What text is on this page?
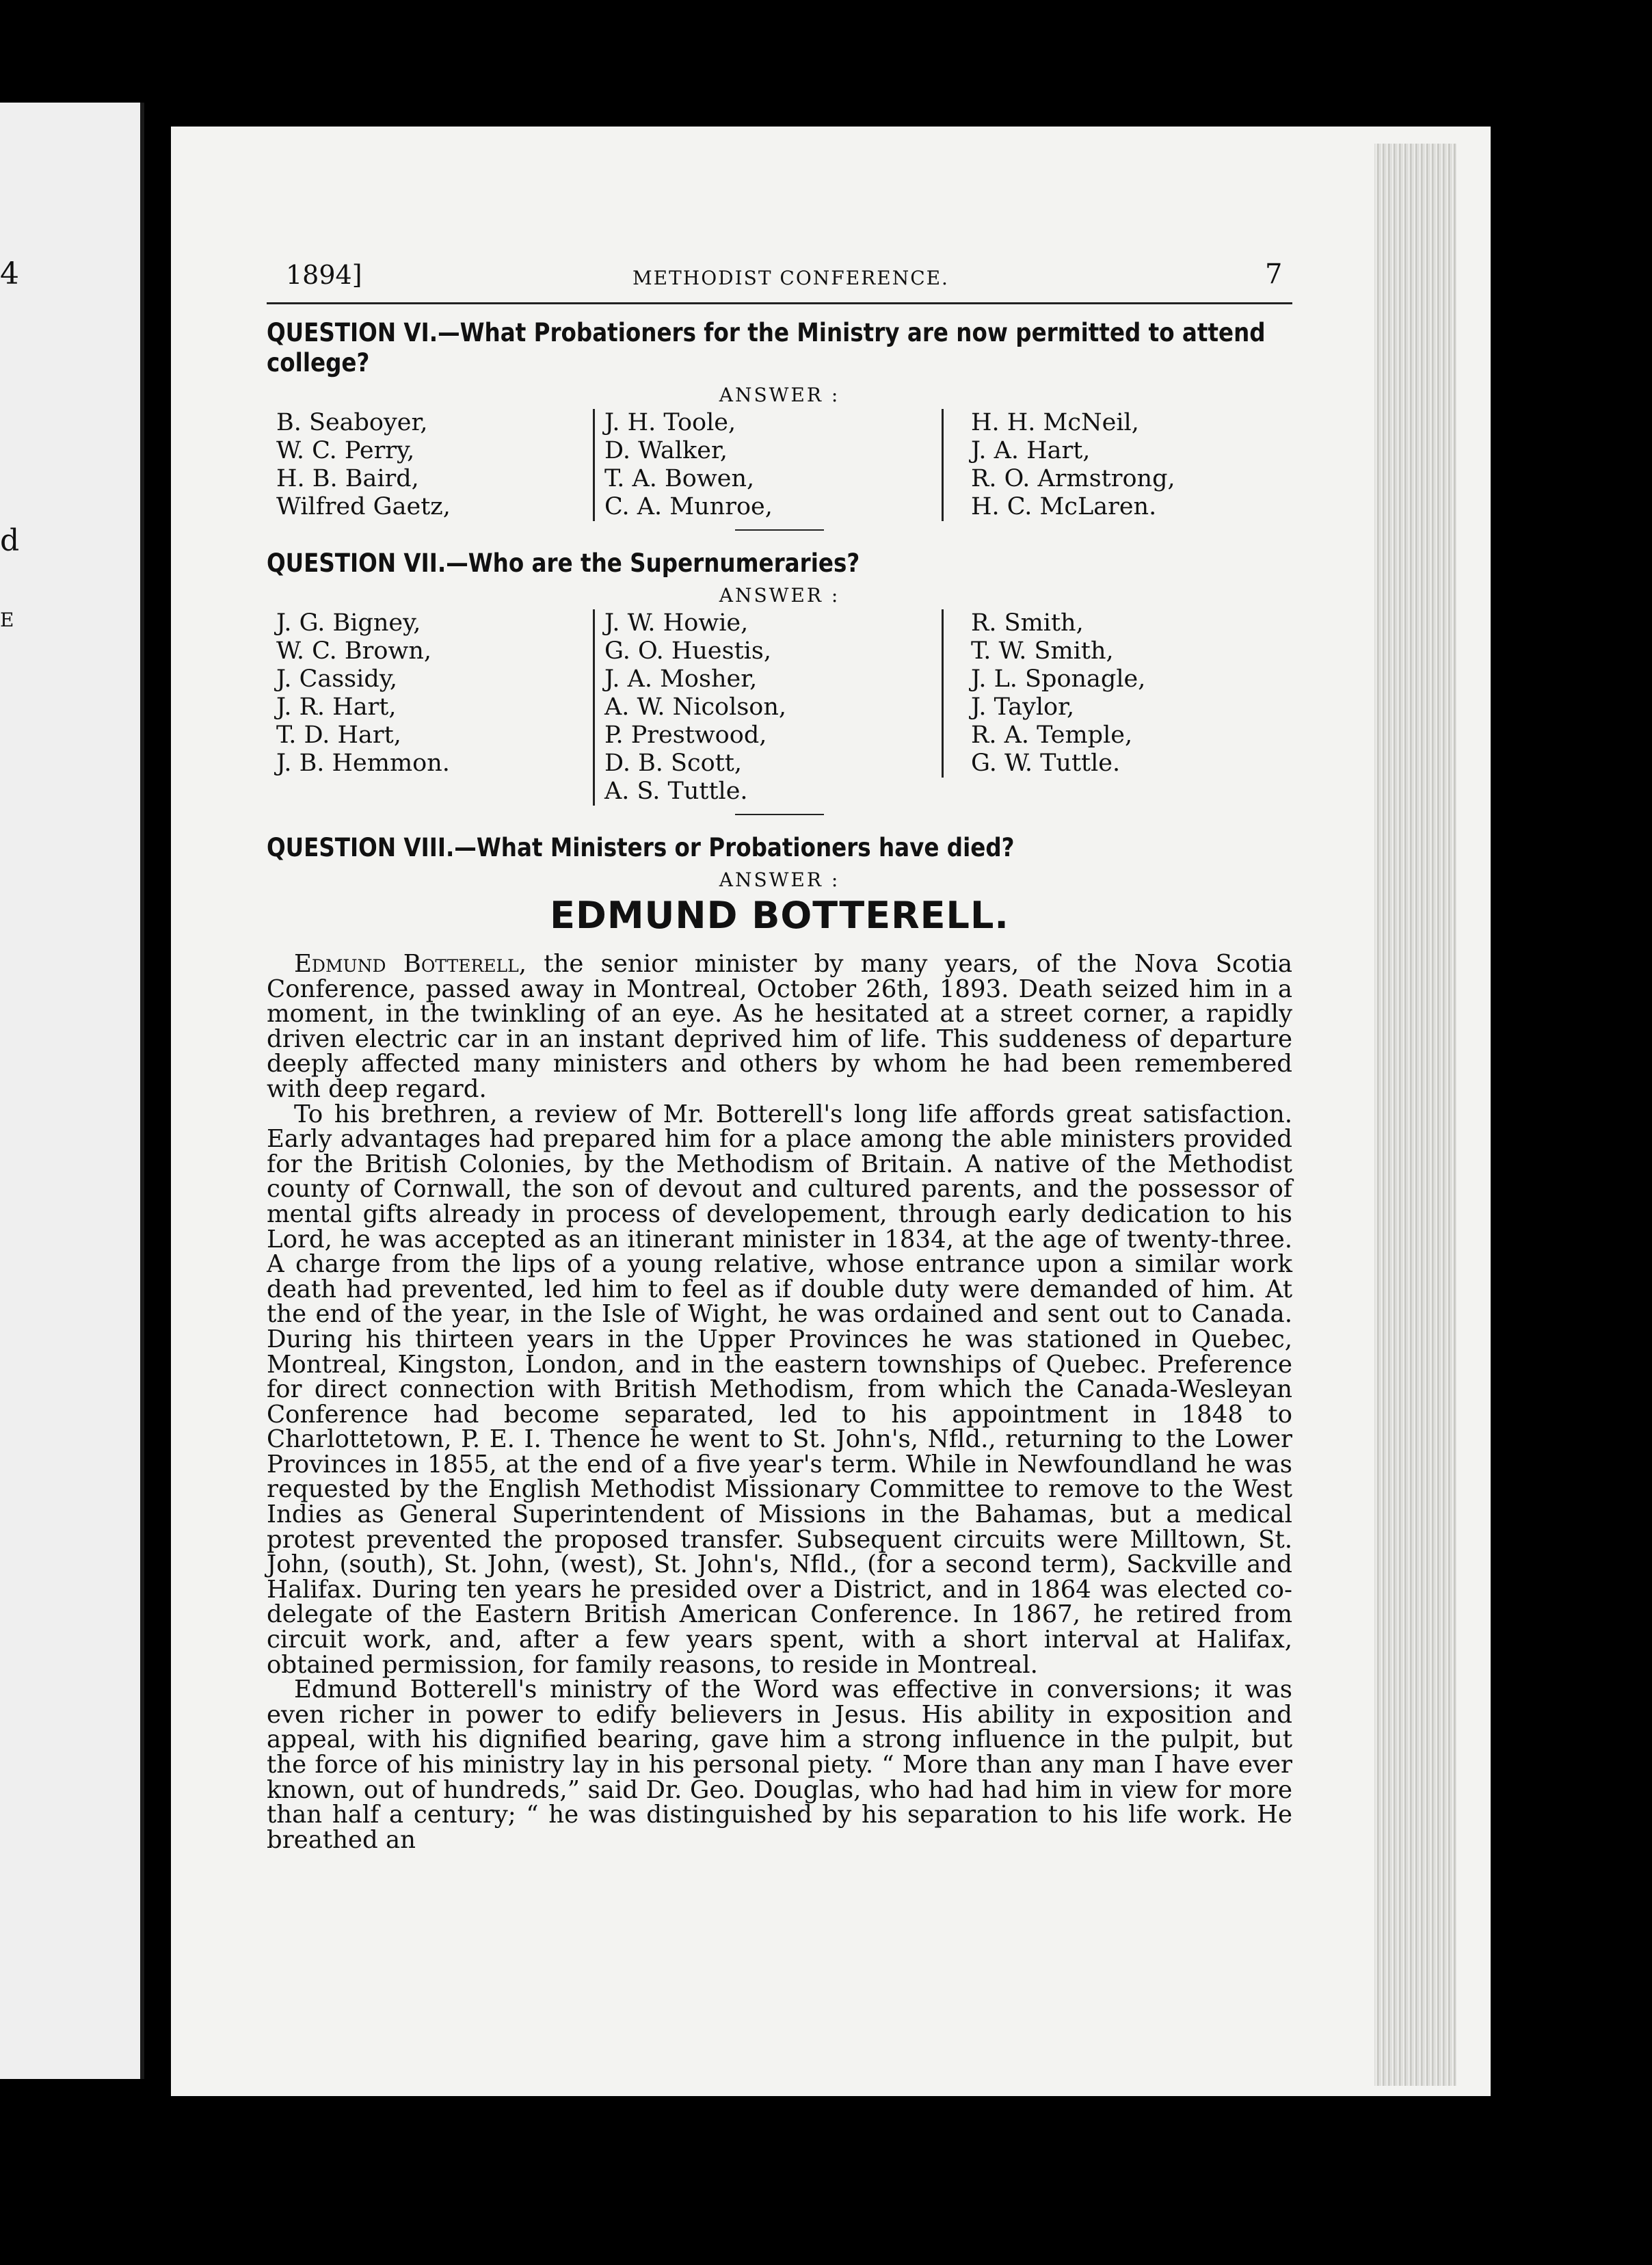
4
d
E
1894]	METHODIST CONFERENCE.	7
QUESTION VI.—What Probationers for the Ministry are now permitted to attend college?
ANSWER :
B. Seaboyer,
W. C. Perry,
H. B. Baird,
Wilfred Gaetz,
J. H. Toole,
D. Walker,
T. A. Bowen,
C. A. Munroe,
H. H. McNeil,
J. A. Hart,
R. O. Armstrong,
H. C. McLaren.
QUESTION VII.—Who are the Supernumeraries?
ANSWER :
J. G. Bigney,
W. C. Brown,
J. Cassidy,
J. R. Hart,
T. D. Hart,
J. B. Hemmon.
J. W. Howie,
G. O. Huestis,
J. A. Mosher,
A. W. Nicolson,
P. Prestwood,
D. B. Scott,
A. S. Tuttle.
R. Smith,
T. W. Smith,
J. L. Sponagle,
J. Taylor,
R. A. Temple,
G. W. Tuttle.
QUESTION VIII.—What Ministers or Probationers have died?
ANSWER :
EDMUND BOTTERELL.

Edmund Botterell, the senior minister by many years, of the Nova Scotia Conference, passed away in Montreal, October 26th, 1893. Death seized him in a moment, in the twinkling of an eye. As he hesitated at a street corner, a rapidly driven electric car in an instant deprived him of life. This suddeness of departure deeply affected many ministers and others by whom he had been remembered with deep regard.

To his brethren, a review of Mr. Botterell's long life affords great satisfaction. Early advantages had prepared him for a place among the able ministers provided for the British Colonies, by the Methodism of Britain. A native of the Methodist county of Cornwall, the son of devout and cultured parents, and the possessor of mental gifts already in process of developement, through early dedication to his Lord, he was accepted as an itinerant minister in 1834, at the age of twenty-three. A charge from the lips of a young relative, whose entrance upon a similar work death had prevented, led him to feel as if double duty were demanded of him. At the end of the year, in the Isle of Wight, he was ordained and sent out to Canada. During his thirteen years in the Upper Provinces he was stationed in Quebec, Montreal, Kingston, London, and in the eastern townships of Quebec. Preference for direct connection with British Methodism, from which the Canada-Wesleyan Conference had become separated, led to his appointment in 1848 to Charlottetown, P. E. I. Thence he went to St. John's, Nfld., returning to the Lower Provinces in 1855, at the end of a five year's term. While in Newfoundland he was requested by the English Methodist Missionary Committee to remove to the West Indies as General Superintendent of Missions in the Bahamas, but a medical protest prevented the proposed transfer. Subsequent circuits were Milltown, St. John, (south), St. John, (west), St. John's, Nfld., (for a second term), Sackville and Halifax. During ten years he presided over a District, and in 1864 was elected co-delegate of the Eastern British American Conference. In 1867, he retired from circuit work, and, after a few years spent, with a short interval at Halifax, obtained permission, for family reasons, to reside in Montreal.

Edmund Botterell's ministry of the Word was effective in conversions; it was even richer in power to edify believers in Jesus. His ability in exposition and appeal, with his dignified bearing, gave him a strong influence in the pulpit, but the force of his ministry lay in his personal piety. “ More than any man I have ever known, out of hundreds,” said Dr. Geo. Douglas, who had had him in view for more than half a century; “ he was distinguished by his separation to his life work. He breathed an
